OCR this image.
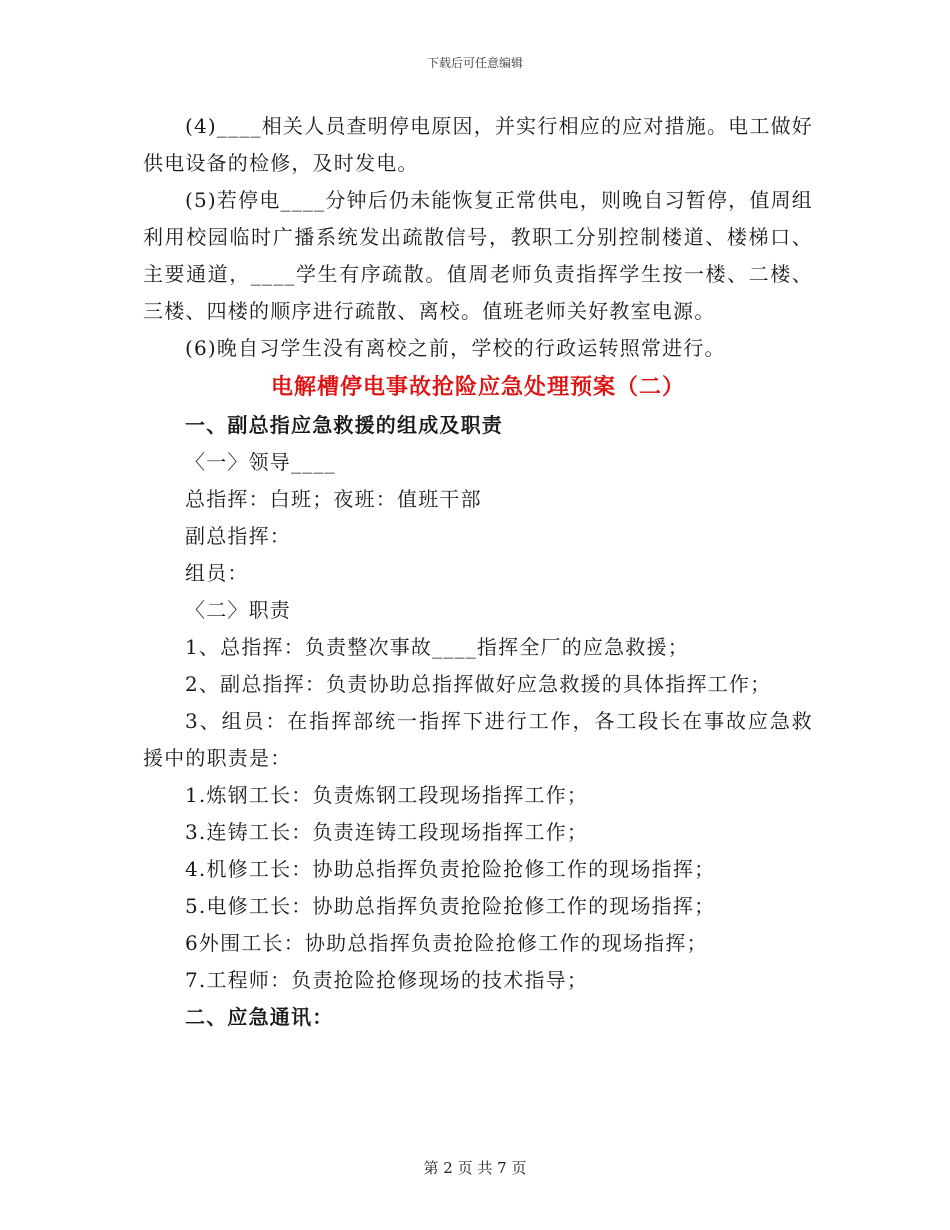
下载后可任意编辑

(4)____相关人员查明停电原因，并实行相应的应对措施。电工做好供电设备的检修，及时发电。

(5)若停电____分钟后仍未能恢复正常供电，则晚自习暂停，值周组利用校园临时广播系统发出疏散信号，教职工分别控制楼道、楼梯口、主要通道，____学生有序疏散。值周老师负责指挥学生按一楼、二楼、三楼、四楼的顺序进行疏散、离校。值班老师关好教室电源。

(6)晚自习学生没有离校之前，学校的行政运转照常进行。

电解槽停电事故抢险应急处理预案（二）

一、副总指应急救援的组成及职责

〈一〉领导____

总指挥：白班；夜班：值班干部

副总指挥：

组员：

〈二〉职责

1、总指挥：负责整次事故____指挥全厂的应急救援；

2、副总指挥：负责协助总指挥做好应急救援的具体指挥工作；

3、组员：在指挥部统一指挥下进行工作，各工段长在事故应急救援中的职责是：

1.炼钢工长：负责炼钢工段现场指挥工作；

3.连铸工长：负责连铸工段现场指挥工作；

4.机修工长：协助总指挥负责抢险抢修工作的现场指挥；

5.电修工长：协助总指挥负责抢险抢修工作的现场指挥；

6外围工长：协助总指挥负责抢险抢修工作的现场指挥；

7.工程师：负责抢险抢修现场的技术指导；

二、应急通讯：

第 2 页 共 7 页
